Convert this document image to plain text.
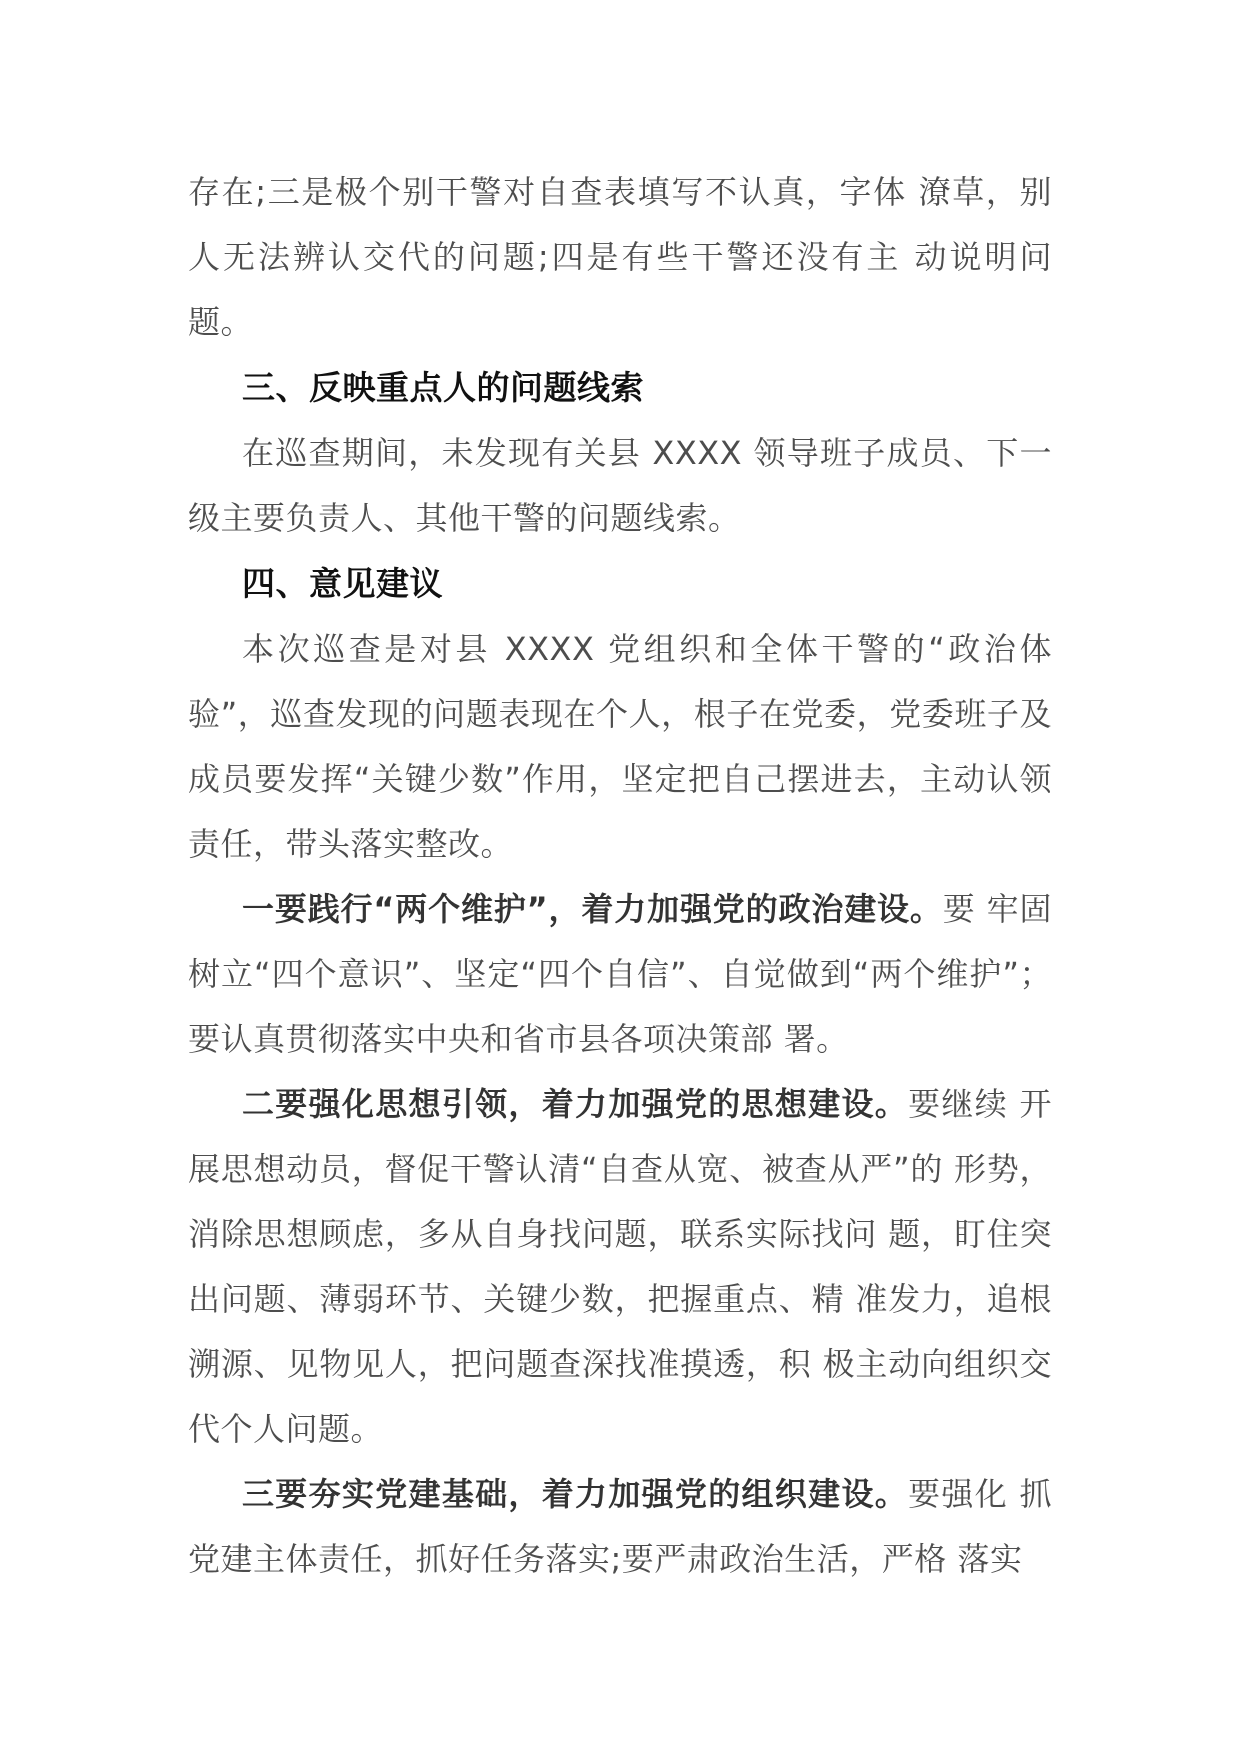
存在;三是极个别干警对自查表填写不认真，字体 潦草，别人无法辨认交代的问题;四是有些干警还没有主 动说明问题。

三、反映重点人的问题线索

在巡查期间，未发现有关县 XXXX 领导班子成员、下一级主要负责人、其他干警的问题线索。

四、意见建议

本次巡查是对县 XXXX 党组织和全体干警的“政治体验”，巡查发现的问题表现在个人，根子在党委，党委班子及成员要发挥“关键少数”作用，坚定把自己摆进去，主动认领责任，带头落实整改。

一要践行“两个维护”，着力加强党的政治建设。要 牢固树立“四个意识”、坚定“四个自信”、自觉做到“两个维护”；要认真贯彻落实中央和省市县各项决策部 署。

二要强化思想引领，着力加强党的思想建设。要继续 开展思想动员，督促干警认清“自查从宽、被查从严”的 形势，消除思想顾虑，多从自身找问题，联系实际找问 题，盯住突出问题、薄弱环节、关键少数，把握重点、精 准发力，追根溯源、见物见人，把问题查深找准摸透，积 极主动向组织交代个人问题。

三要夯实党建基础，着力加强党的组织建设。要强化 抓党建主体责任，抓好任务落实;要严肃政治生活，严格 落实
